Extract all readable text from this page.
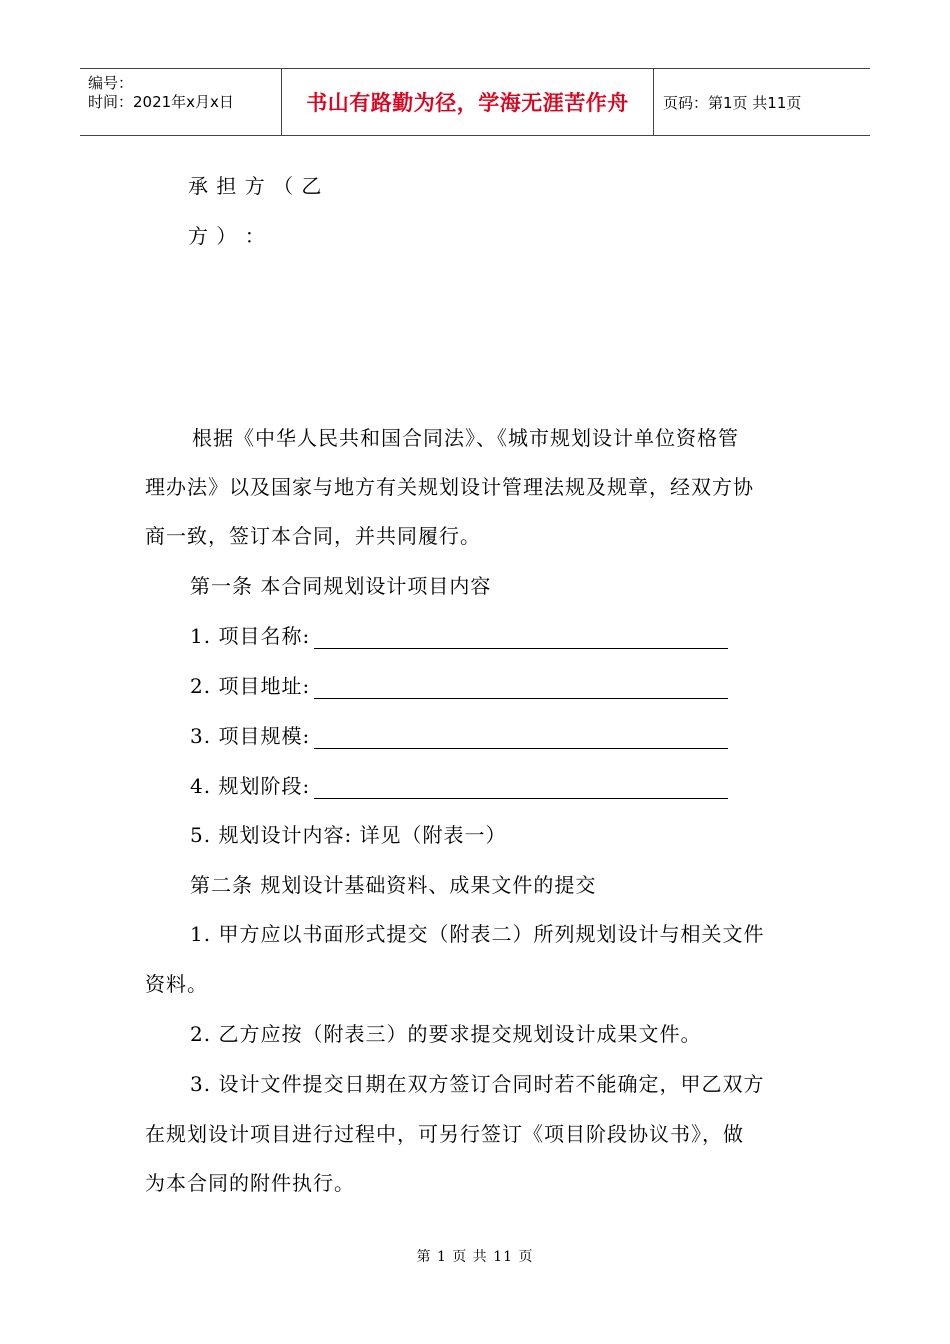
编号：
时间：2021年x月x日	书山有路勤为径，学海无涯苦作舟	页码：第1页 共11页
承 担 方 （ 乙
方 ） ：
根据《中华人民共和国合同法》、《城市规划设计单位资格管
理办法》以及国家与地方有关规划设计管理法规及规章，经双方协
商一致，签订本合同，并共同履行。
第一条 本合同规划设计项目内容
1. 项目名称:
2. 项目地址:
3. 项目规模:
4. 规划阶段:
5. 规划设计内容: 详见（附表一）
第二条 规划设计基础资料、成果文件的提交
1. 甲方应以书面形式提交（附表二）所列规划设计与相关文件
资料。
2. 乙方应按（附表三）的要求提交规划设计成果文件。
3. 设计文件提交日期在双方签订合同时若不能确定，甲乙双方
在规划设计项目进行过程中，可另行签订《项目阶段协议书》，做
为本合同的附件执行。
第 1 页 共 11 页
